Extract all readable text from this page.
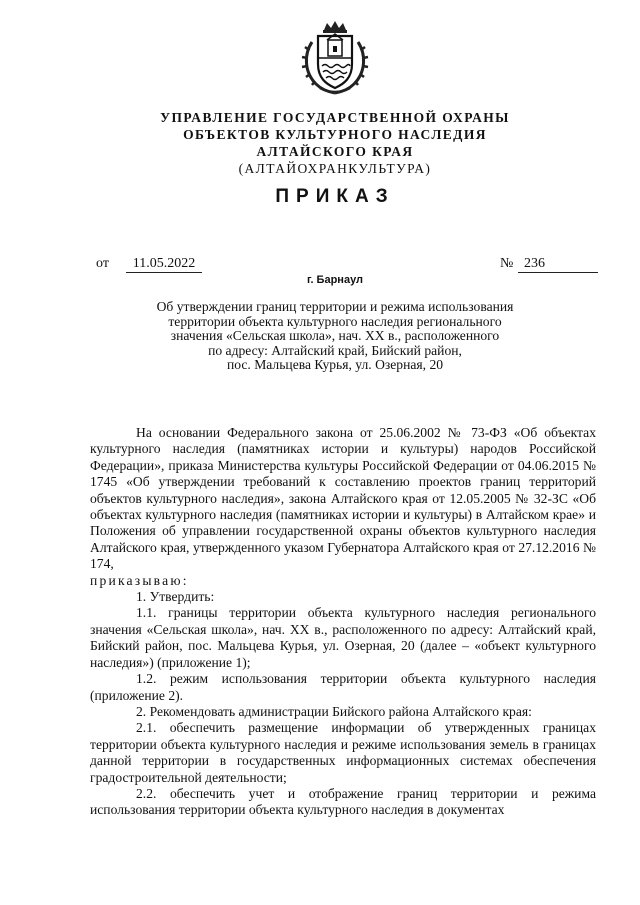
УПРАВЛЕНИЕ ГОСУДАРСТВЕННОЙ ОХРАНЫ
ОБЪЕКТОВ КУЛЬТУРНОГО НАСЛЕДИЯ
АЛТАЙСКОГО КРАЯ
(АЛТАЙОХРАНКУЛЬТУРА)
ПРИКАЗ
от	11.05.2022	№ 236
г. Барнаул
Об утверждении границ территории и режима использования
территории объекта культурного наследия регионального
значения «Сельская школа», нач. XX в., расположенного
по адресу: Алтайский край, Бийский район,
пос. Мальцева Курья, ул. Озерная, 20

На основании Федерального закона от 25.06.2002 № 73-ФЗ «Об объектах культурного наследия (памятниках истории и культуры) народов Российской Федерации», приказа Министерства культуры Российской Федерации от 04.06.2015 № 1745 «Об утверждении требований к составлению проектов границ территорий объектов культурного наследия», закона Алтайского края от 12.05.2005 № 32-ЗС «Об объектах культурного наследия (памятниках истории и культуры) в Алтайском крае» и Положения об управлении государственной охраны объектов культурного наследия Алтайского края, утвержденного указом Губернатора Алтайского края от 27.12.2016 № 174,

приказываю:

1. Утвердить:

1.1. границы территории объекта культурного наследия регионального значения «Сельская школа», нач. XX в., расположенного по адресу: Алтайский край, Бийский район, пос. Мальцева Курья, ул. Озерная, 20 (далее – «объект культурного наследия») (приложение 1);

1.2. режим использования территории объекта культурного наследия (приложение 2).

2. Рекомендовать администрации Бийского района Алтайского края:

2.1. обеспечить размещение информации об утвержденных границах территории объекта культурного наследия и режиме использования земель в границах данной территории в государственных информационных системах обеспечения градостроительной деятельности;

2.2. обеспечить учет и отображение границ территории и режима использования территории объекта культурного наследия в документах
